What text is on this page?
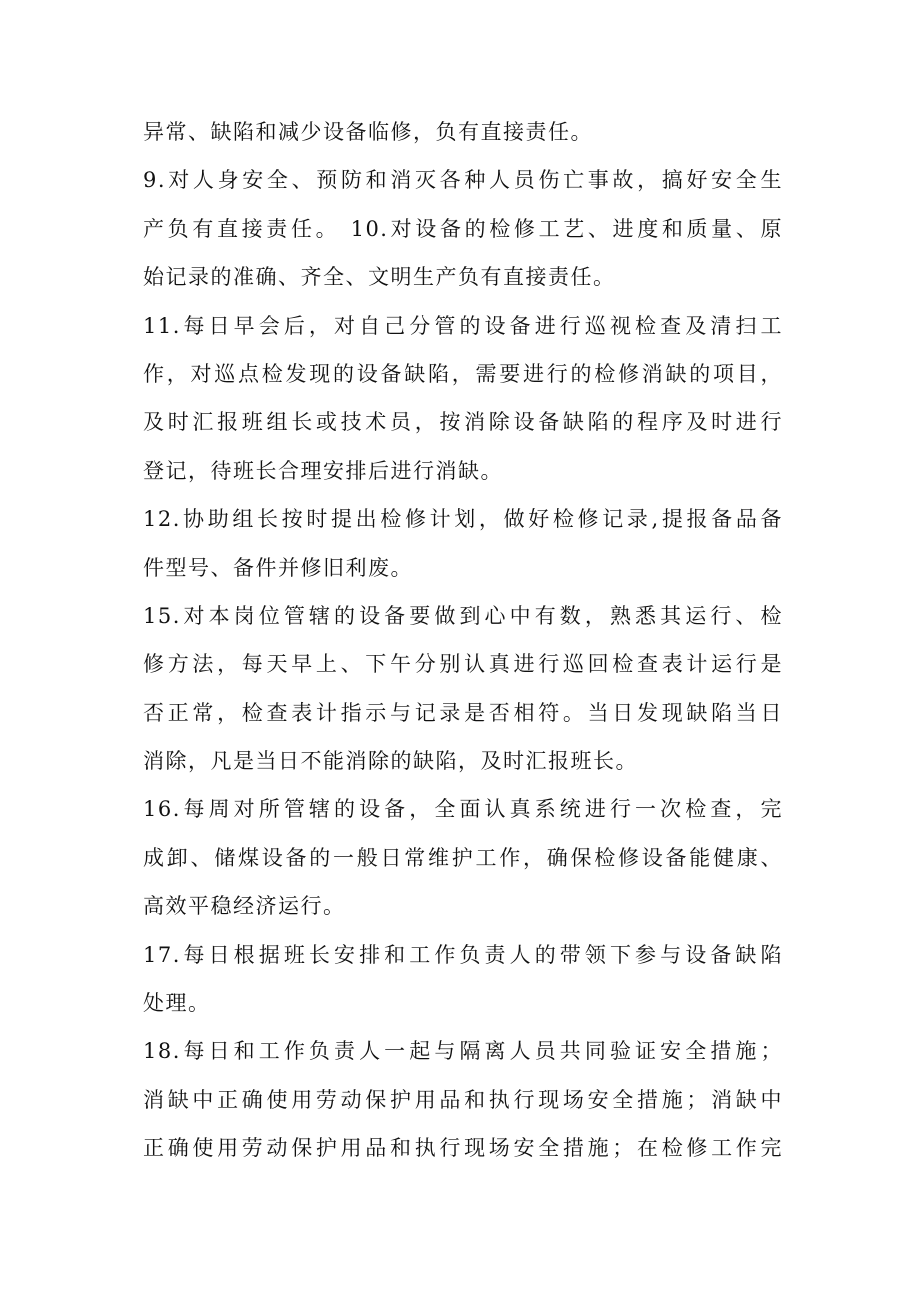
异常、缺陷和减少设备临修，负有直接责任。
9.对人身安全、预防和消灭各种人员伤亡事故，搞好安全生
产负有直接责任。 10.对设备的检修工艺、进度和质量、原
始记录的准确、齐全、文明生产负有直接责任。
11.每日早会后，对自己分管的设备进行巡视检查及清扫工
作，对巡点检发现的设备缺陷，需要进行的检修消缺的项目，
及时汇报班组长或技术员，按消除设备缺陷的程序及时进行
登记，待班长合理安排后进行消缺。
12.协助组长按时提出检修计划，做好检修记录,提报备品备
件型号、备件并修旧利废。
15.对本岗位管辖的设备要做到心中有数，熟悉其运行、检
修方法，每天早上、下午分别认真进行巡回检查表计运行是
否正常，检查表计指示与记录是否相符。当日发现缺陷当日
消除，凡是当日不能消除的缺陷，及时汇报班长。
16.每周对所管辖的设备，全面认真系统进行一次检查，完
成卸、储煤设备的一般日常维护工作，确保检修设备能健康、
高效平稳经济运行。
17.每日根据班长安排和工作负责人的带领下参与设备缺陷
处理。
18.每日和工作负责人一起与隔离人员共同验证安全措施；
消缺中正确使用劳动保护用品和执行现场安全措施；消缺中
正确使用劳动保护用品和执行现场安全措施；在检修工作完
